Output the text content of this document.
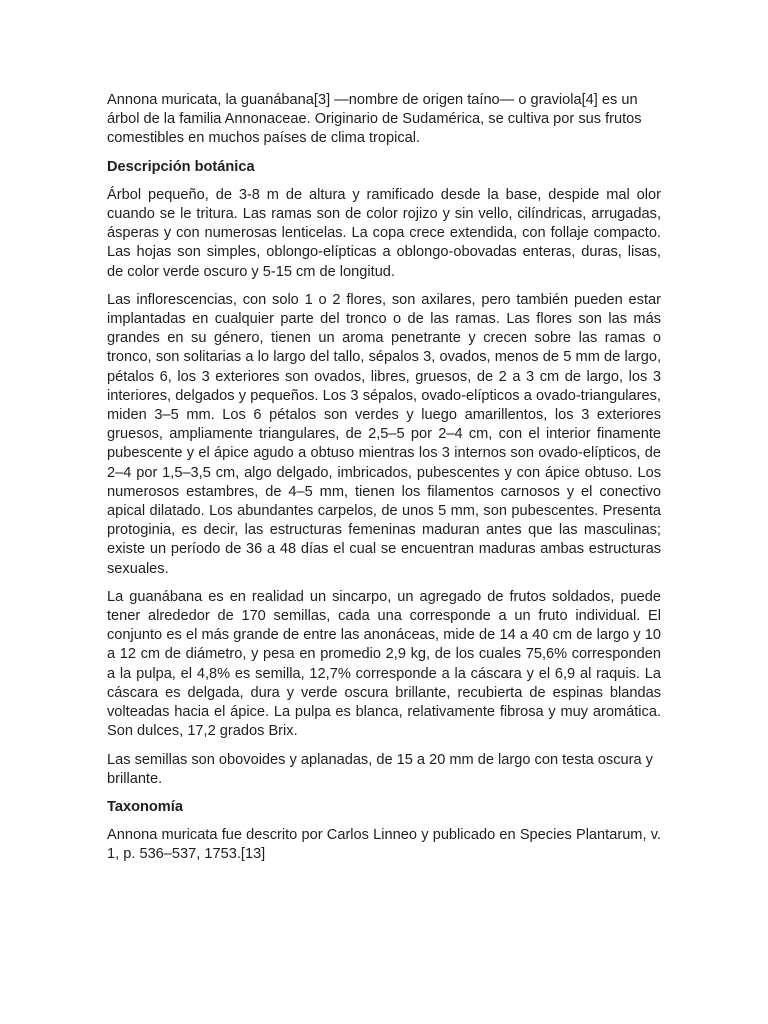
Annona muricata, la guanábana[3] —nombre de origen taíno— o graviola[4] es un árbol de la familia Annonaceae. Originario de Sudamérica, se cultiva por sus frutos comestibles en muchos países de clima tropical.

Descripción botánica

Árbol pequeño, de 3-8 m de altura y ramificado desde la base, despide mal olor cuando se le tritura. Las ramas son de color rojizo y sin vello, cilíndricas, arrugadas, ásperas y con numerosas lenticelas. La copa crece extendida, con follaje compacto. Las hojas son simples, oblongo-elípticas a oblongo-obovadas enteras, duras, lisas, de color verde oscuro y 5-15 cm de longitud.

Las inflorescencias, con solo 1 o 2 flores, son axilares, pero también pueden estar implantadas en cualquier parte del tronco o de las ramas. Las flores son las más grandes en su género, tienen un aroma penetrante y crecen sobre las ramas o tronco, son solitarias a lo largo del tallo, sépalos 3, ovados, menos de 5 mm de largo, pétalos 6, los 3 exteriores son ovados, libres, gruesos, de 2 a 3 cm de largo, los 3 interiores, delgados y pequeños. Los 3 sépalos, ovado-elípticos a ovado-triangulares, miden 3–5 mm. Los 6 pétalos son verdes y luego amarillentos, los 3 exteriores gruesos, ampliamente triangulares, de 2,5–5 por 2–4 cm, con el interior finamente pubescente y el ápice agudo a obtuso mientras los 3 internos son ovado-elípticos, de 2–4 por 1,5–3,5 cm, algo delgado, imbricados, pubescentes y con ápice obtuso. Los numerosos estambres, de 4–5 mm, tienen los filamentos carnosos y el conectivo apical dilatado. Los abundantes carpelos, de unos 5 mm, son pubescentes. Presenta protoginia, es decir, las estructuras femeninas maduran antes que las masculinas; existe un período de 36 a 48 días el cual se encuentran maduras ambas estructuras sexuales.

La guanábana es en realidad un sincarpo, un agregado de frutos soldados, puede tener alrededor de 170 semillas, cada una corresponde a un fruto individual. El conjunto es el más grande de entre las anonáceas, mide de 14 a 40 cm de largo y 10 a 12 cm de diámetro, y pesa en promedio 2,9 kg, de los cuales 75,6% corresponden a la pulpa, el 4,8% es semilla, 12,7% corresponde a la cáscara y el 6,9 al raquis. La cáscara es delgada, dura y verde oscura brillante, recubierta de espinas blandas volteadas hacia el ápice. La pulpa es blanca, relativamente fibrosa y muy aromática. Son dulces, 17,2 grados Brix.

Las semillas son obovoides y aplanadas, de 15 a 20 mm de largo con testa oscura y brillante.

Taxonomía

Annona muricata fue descrito por Carlos Linneo y publicado en Species Plantarum, v. 1, p. 536–537, 1753.[13]
